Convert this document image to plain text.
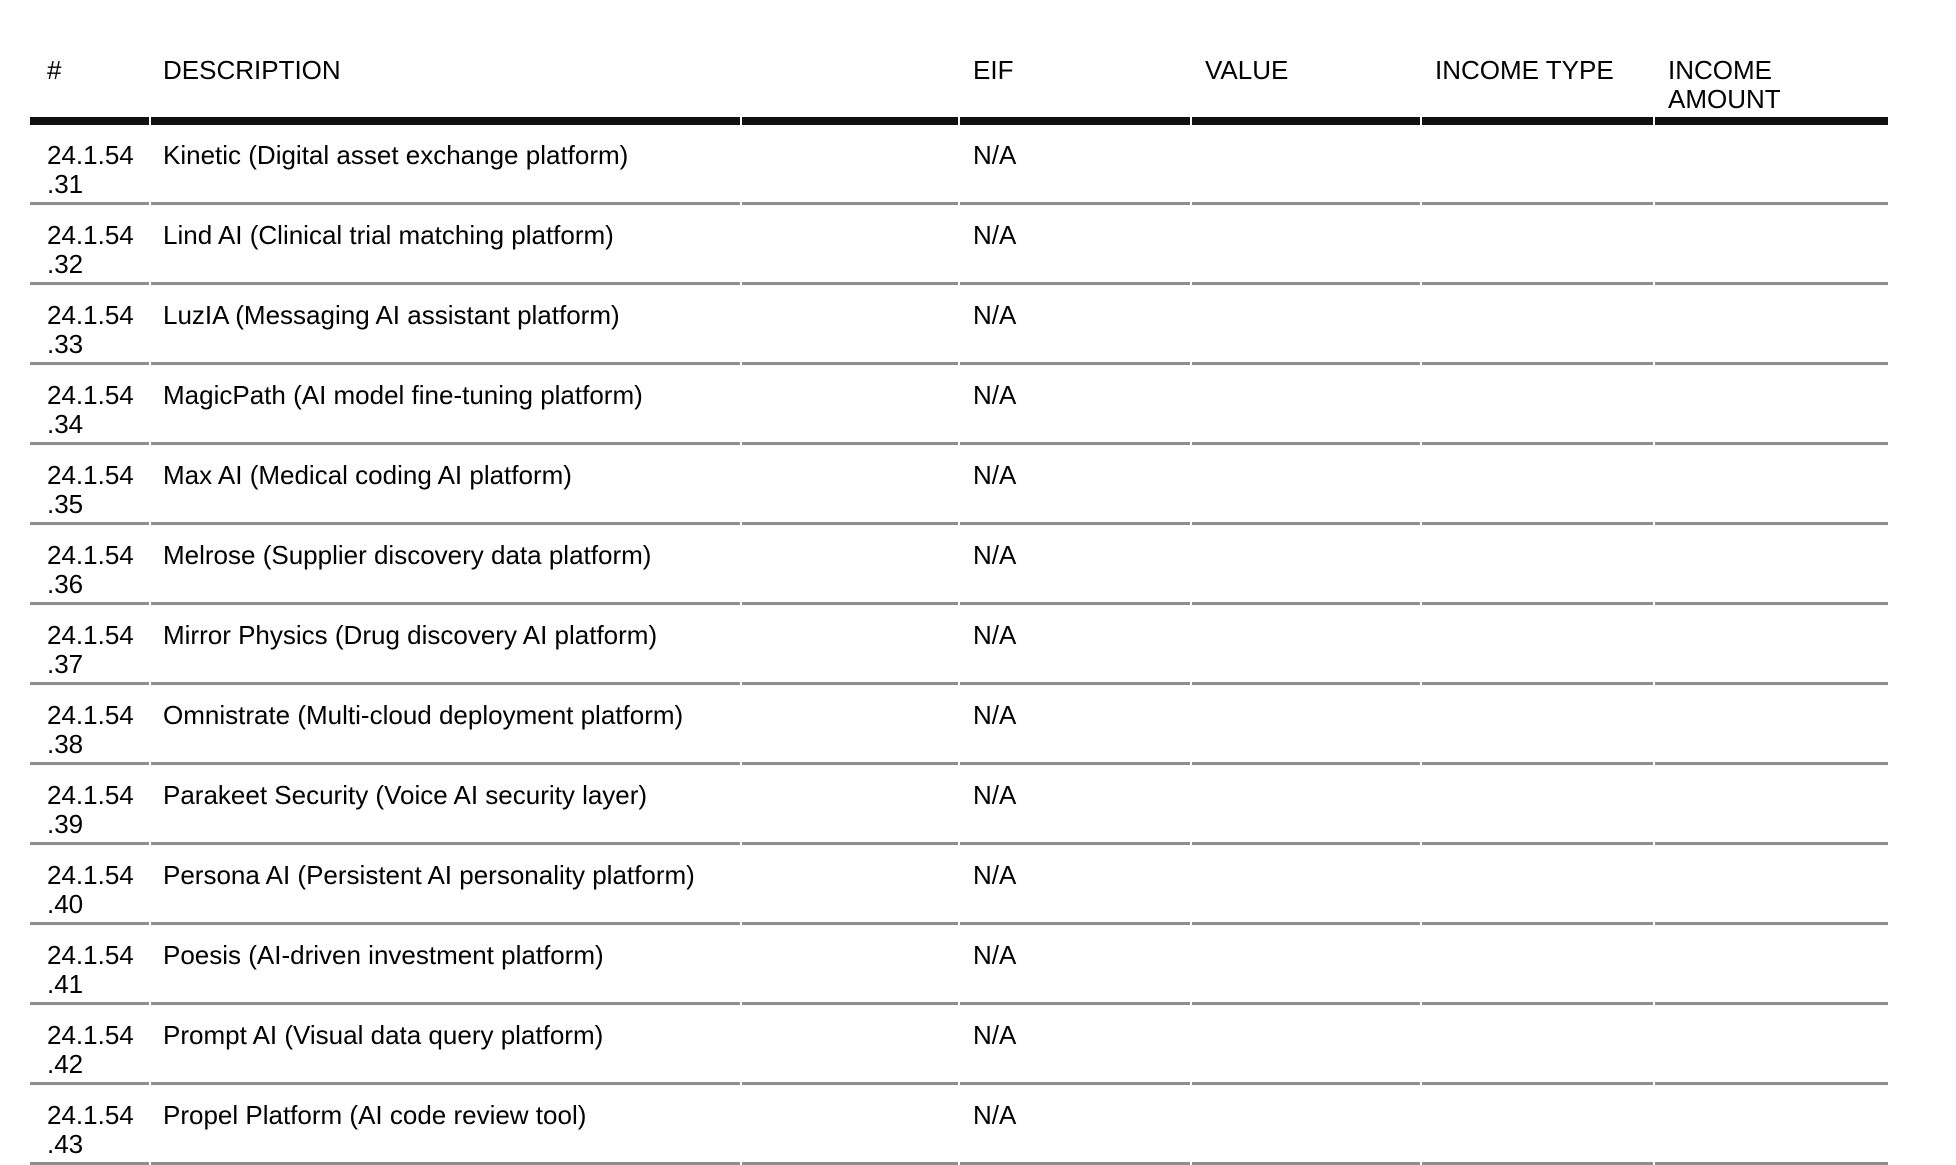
#	DESCRIPTION		EIF	VALUE	INCOME TYPE	INCOME AMOUNT

24.1.54
.31	Kinetic (Digital asset exchange platform)		N/A			

24.1.54
.32	Lind AI (Clinical trial matching platform)		N/A			

24.1.54
.33	LuzIA (Messaging AI assistant platform)		N/A			

24.1.54
.34	MagicPath (AI model fine-tuning platform)		N/A			

24.1.54
.35	Max AI (Medical coding AI platform)		N/A			

24.1.54
.36	Melrose (Supplier discovery data platform)		N/A			

24.1.54
.37	Mirror Physics (Drug discovery AI platform)		N/A			

24.1.54
.38	Omnistrate (Multi-cloud deployment platform)		N/A			

24.1.54
.39	Parakeet Security (Voice AI security layer)		N/A			

24.1.54
.40	Persona AI (Persistent AI personality platform)		N/A			

24.1.54
.41	Poesis (AI-driven investment platform)		N/A			

24.1.54
.42	Prompt AI (Visual data query platform)		N/A			

24.1.54
.43	Propel Platform (AI code review tool)		N/A			
